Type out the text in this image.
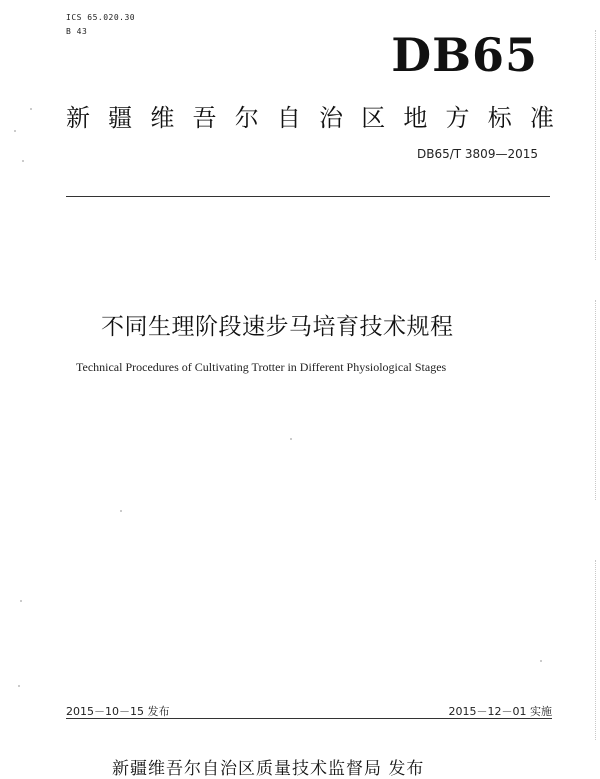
ICS 65.020.30
B 43	DB65
新 疆 维 吾 尔 自 治 区 地 方 标 准
DB65/T 3809—2015
不同生理阶段速步马培育技术规程
Technical Procedures of Cultivating Trotter in Different Physiological Stages
2015－10－15 发布	2015－12－01 实施
新疆维吾尔自治区质量技术监督局 发布
